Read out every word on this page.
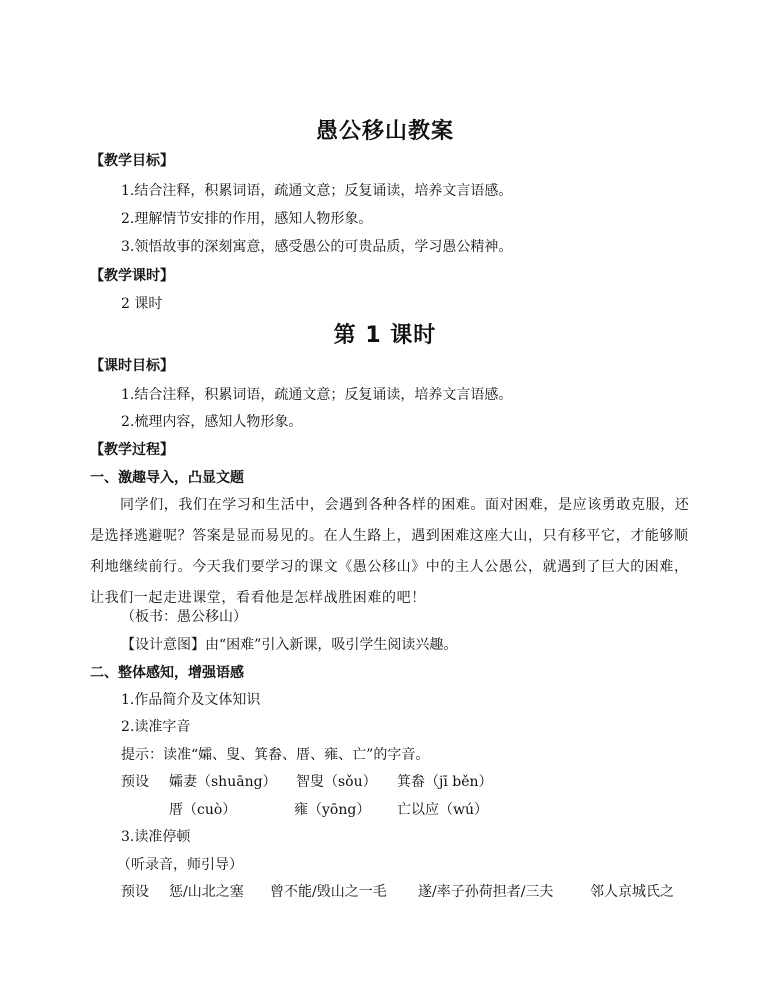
愚公移山教案
【教学目标】
1.结合注释，积累词语，疏通文意；反复诵读，培养文言语感。
2.理解情节安排的作用，感知人物形象。
3.领悟故事的深刻寓意，感受愚公的可贵品质，学习愚公精神。
【教学课时】
2 课时
第 1 课时
【课时目标】
1.结合注释，积累词语，疏通文意；反复诵读，培养文言语感。
2.梳理内容，感知人物形象。
【教学过程】
一、激趣导入，凸显文题
同学们，我们在学习和生活中，会遇到各种各样的困难。面对困难，是应该勇敢克服，还是选择逃避呢？答案是显而易见的。在人生路上，遇到困难这座大山，只有移平它，才能够顺利地继续前行。今天我们要学习的课文《愚公移山》中的主人公愚公，就遇到了巨大的困难，让我们一起走进课堂，看看他是怎样战胜困难的吧！
（板书：愚公移山）
【设计意图】由“困难”引入新课，吸引学生阅读兴趣。
二、整体感知，增强语感
1.作品简介及文体知识
2.读准字音
提示：读准“孀、叟、箕畚、厝、雍、亡”的字音。
预设 孀妻（shuāng） 智叟（sǒu） 箕畚（jī běn）
厝（cuò）	雍（yōng） 亡以应（wú）
3.读准停顿
（听录音，师引导）
预设 惩/山北之塞 曾不能/毁山之一毛 遂/率子孙荷担者/三夫	邻人京城氏之
